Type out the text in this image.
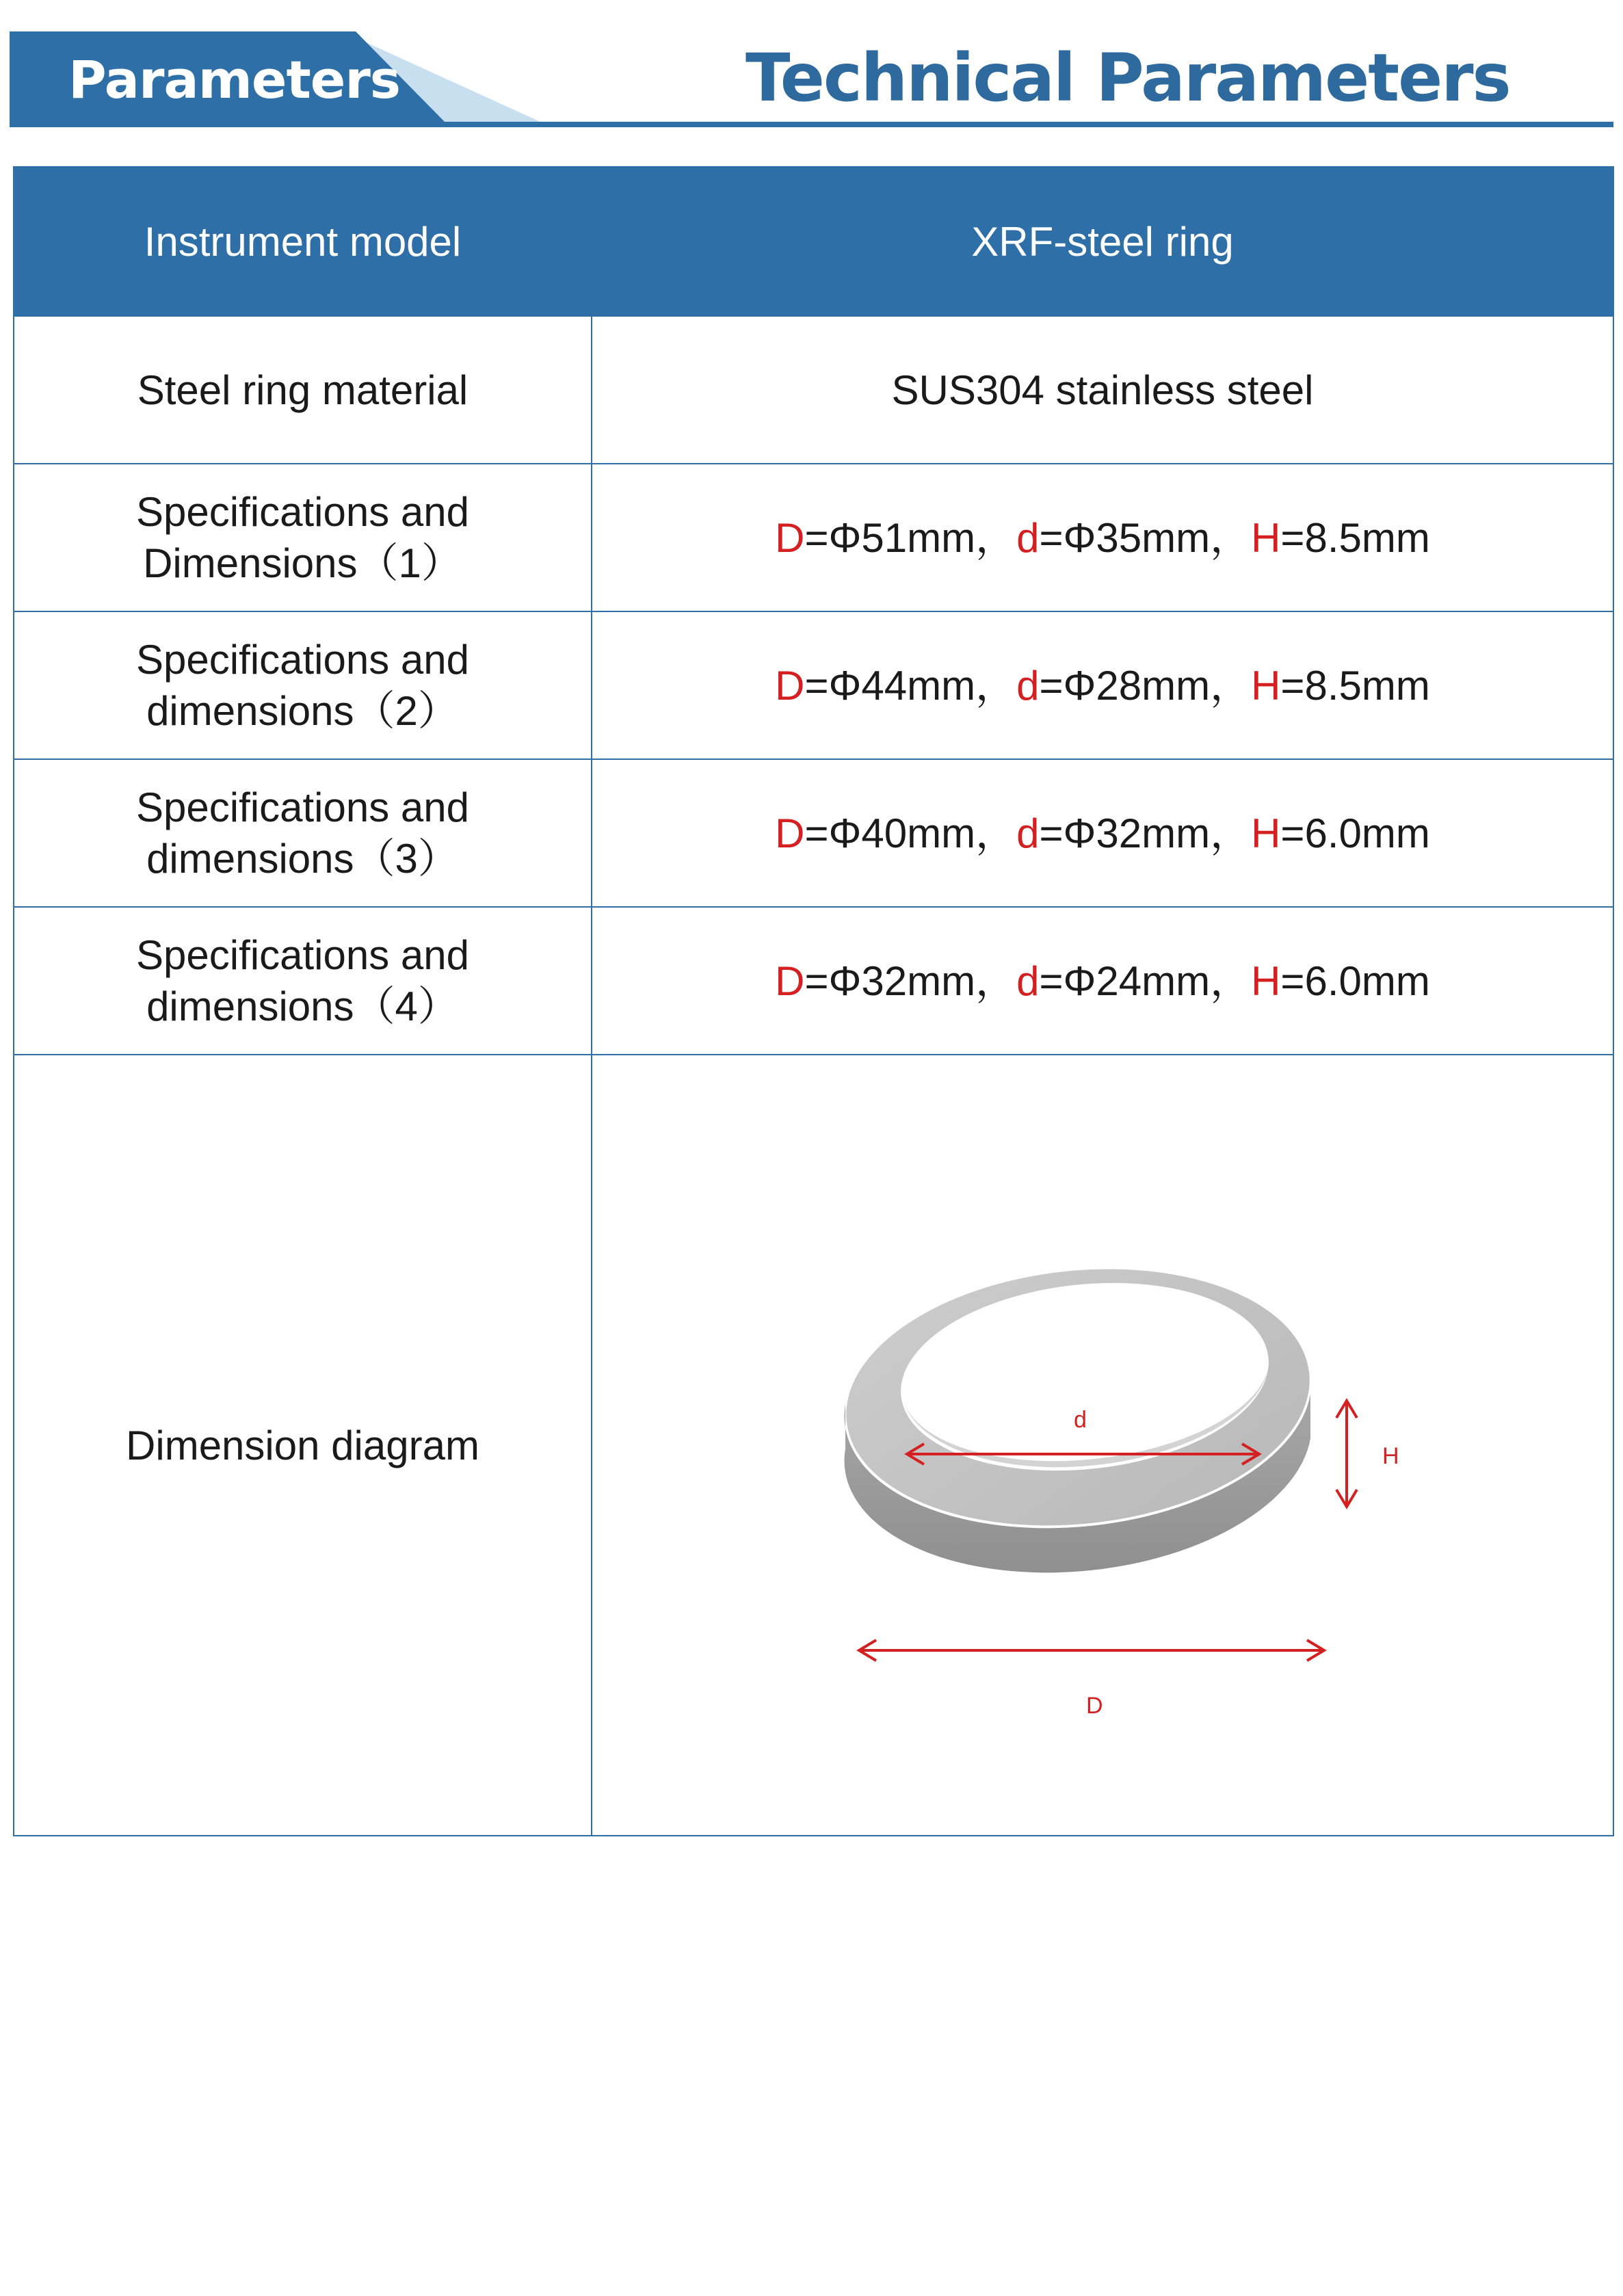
Parameters	Technical Parameters
Instrument model	XRF-steel ring
Steel ring material	SUS304 stainless steel

Specifications and
Dimensions（1）	D=Φ51mm，d=Φ35mm，H=8.5mm

Specifications and
dimensions（2）	D=Φ44mm，d=Φ28mm，H=8.5mm

Specifications and
dimensions（3）	D=Φ40mm，d=Φ32mm，H=6.0mm

Specifications and
dimensions（4）	D=Φ32mm，d=Φ24mm，H=6.0mm
Dimension diagram	d
H
D
